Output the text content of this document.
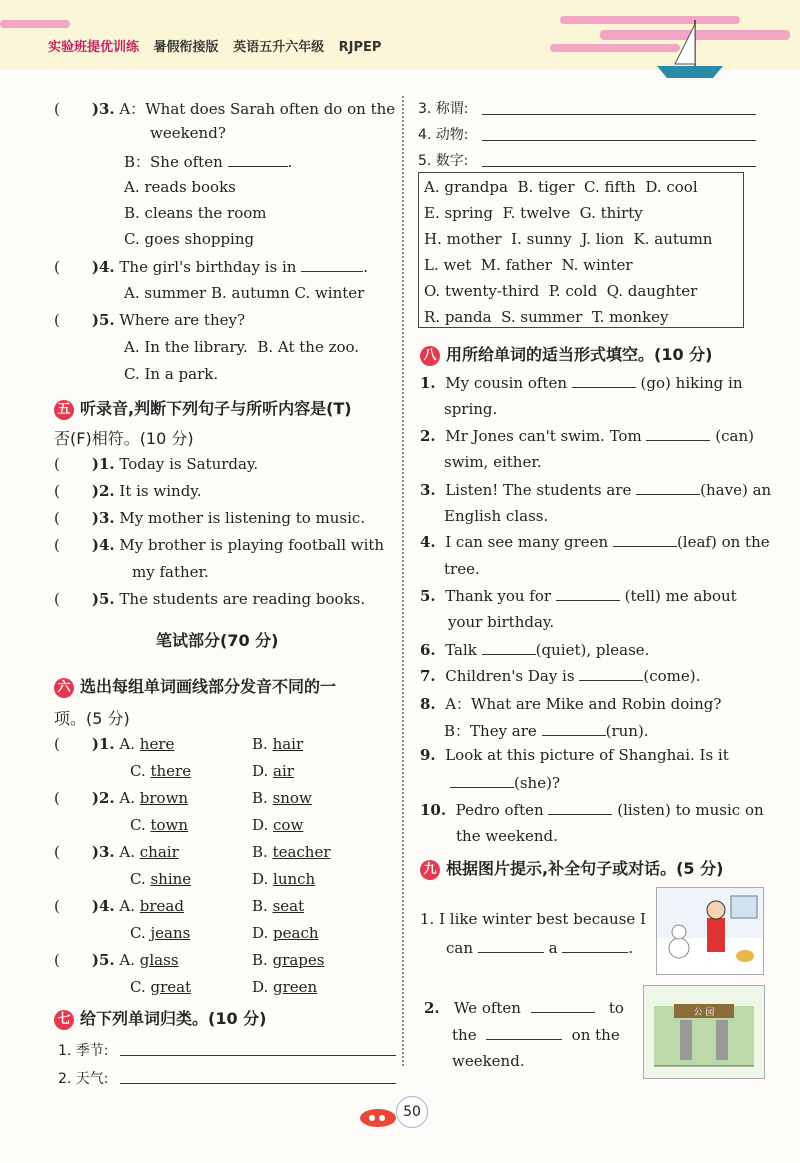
实验班提优训练 暑假衔接版 英语五升六年级 RJPEP
( )3. A：What does Sarah often do on the
weekend?
B：She often	.
A. reads books
B. cleans the room
C. goes shopping
( )4. The girl's birthday is in	.
A. summer B. autumn C. winter
( )5. Where are they?
A. In the library. B. At the zoo.
C. In a park.
五 听录音,判断下列句子与所听内容是(T)
否(F)相符。(10 分)
( )1. Today is Saturday.
( )2. It is windy.
( )3. My mother is listening to music.
( )4. My brother is playing football with
my father.
( )5. The students are reading books.
笔试部分(70 分)
六 选出每组单词画线部分发音不同的一
项。(5 分)
( )1. A. here	B. hair
C. there	D. air
( )2. A. brown	B. snow
C. town	D. cow
( )3. A. chair	B. teacher
C. shine	D. lunch
( )4. A. bread	B. seat
C. jeans	D. peach
( )5. A. glass	B. grapes
C. great	D. green
七 给下列单词归类。(10 分)
1. 季节:
2. 天气:
3. 称谓:
4. 动物:
5. 数字:
A. grandpa B. tiger C. fifth D. cool
E. spring F. twelve G. thirty
H. mother I. sunny J. lion K. autumn
L. wet M. father N. winter
O. twenty-third P. cold Q. daughter
R. panda S. summer T. monkey
八 用所给单词的适当形式填空。(10 分)
1. My cousin often	(go) hiking in
spring.
2. Mr Jones can't swim. Tom	(can)
swim, either.
3. Listen! The students are	(have) an
English class.
4. I can see many green	(leaf) on the
tree.
5. Thank you for	(tell) me about
your birthday.
6. Talk	(quiet), please.
7. Children's Day is	(come).
8. A：What are Mike and Robin doing?
B：They are	(run).
9. Look at this picture of Shanghai. Is it
(she)?
10. Pedro often	(listen) to music on
the weekend.
九 根据图片提示,补全句子或对话。(5 分)
1. I like winter best because I
can	a	.
2. We often	to
the	on the
weekend.
公 园
50
